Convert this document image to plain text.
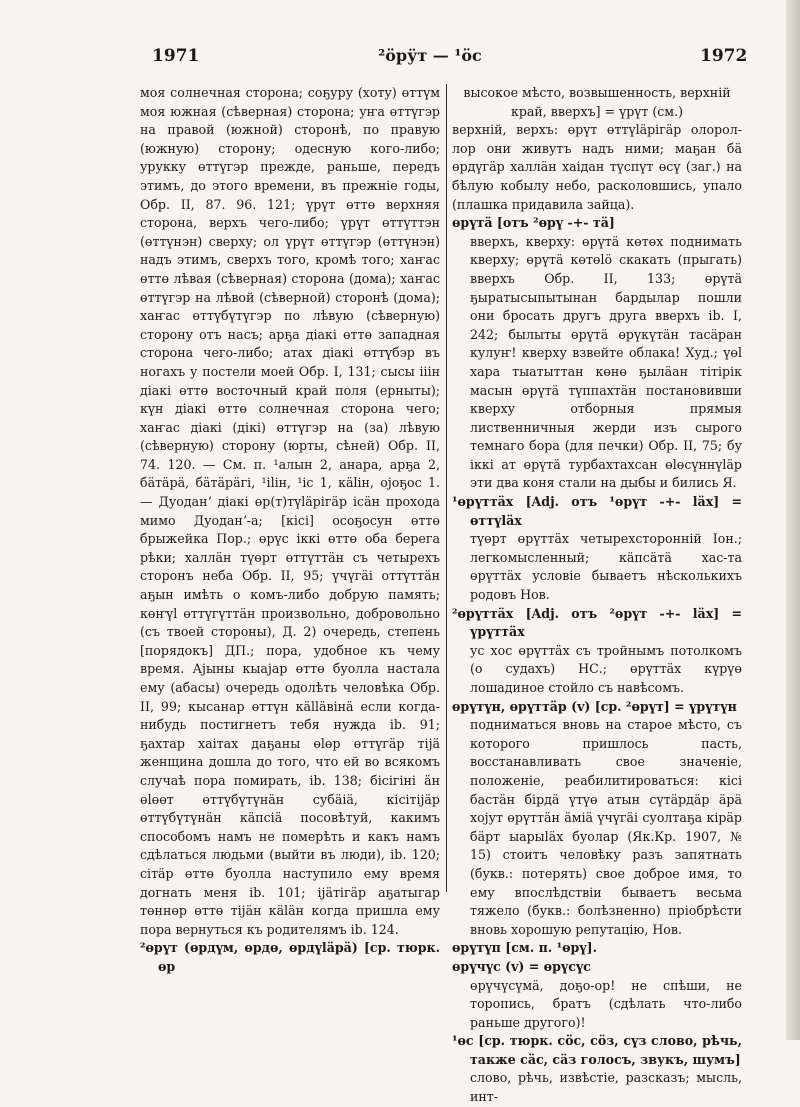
1971	²ӧрӱт — ¹ӧс	1972

моя солнечная сторона; соҕуру (хоту) өттүм моя южная (сѣверная) сторона; уҥа өттүгэр на правой (южной) сторонѣ, по правую (южную) сторону; одесную кого-либо; урукку өттүгэр прежде, раньше, передъ этимъ, до этого времени, въ прежніе годы, Обр. II, 87. 96. 121; үрүт өттө верхняя сторона, верхъ чего-либо; үрүт өттүттэн (өттүнэн) сверху; ол үрүт өттүгэр (өттүнэн) надъ этимъ, сверхъ того, кромѣ того; хаҥас өттө лѣвая (сѣверная) сторона (дома); хаҥас өттүгэр на лѣвой (сѣверной) сторонѣ (дома); хаҥас өттүбүтүгэр по лѣвую (сѣверную) сторону отъ насъ; арҕа діакі өттө западная сторона чего-либо; атах діакі өттүбэр въ ногахъ у постели моей Обр. I, 131; сысы ііін діакі өттө восточный край поля (ерныты); күн діакі өттө солнечная сторона чего; хаҥас діакі (дікі) өттүгэр на (за) лѣвую (сѣверную) сторону (юрты, сѣней) Обр. II, 74. 120. — См. п. ¹алын 2, анара, арҕа 2, бӓтӓрӓ, бӓтӓрӓгі, ¹іlін, ¹іс 1, кӓlін, оjоҕос 1. — Дуоданʼ діакі өр(т)түlӓрігӓр іcӓн прохода мимо Дуоданʼ-а; [кісі] осоҕосун өттө брыжейка Пор.; өрүс іккі өттө оба берега рѣки; халлӓн түөрт өттүттӓн съ четырехъ сторонъ неба Обр. II, 95; үчүгӓі оттүттӓн аҕын имѣть о комъ-либо добрую память; көҥүl өттүгүттӓн произвольно, добровольно (съ твоей стороны), Д. 2) очередь, степень [порядокъ] ДП.; пора, удобное къ чему время. Аjыны кыаjар өттө буолла настала ему (абасы) очередь одолѣть человѣка Обр. II, 99; кысанар өттүн кӓllӓвінӓ если когда-нибудь постигнетъ тебя нужда ib. 91; ҕахтар хаітах даҕаны өlөр өттүгӓр тіjӓ женщина дошла до того, что ей во всякомъ случаѣ пора помирать, ib. 138; бісігіні ӓн өlөөт өттүбүтүнӓн субӓіӓ, кісітіjӓр өттүбүтүнӓн кӓпсіӓ посовѣтуй, какимъ способомъ намъ не померѣть и какъ намъ сдѣлаться людьми (выйти въ люди), ib. 120; сітӓр өттө буолла наступило ему время догнать меня ib. 101; іjӓтігӓр аҕатыгар төннөр өттө тіjӓн кӓlӓн когда пришла ему пора вернуться къ родителямъ ib. 124.

²өрүт (өрдүм, өрдө, өрдүlӓрӓ) [ср. тюрк. өр

высокое мѣсто, возвышенность, верхній край, вверхъ] = үрүт (см.)

верхній, верхъ: өрүт өттүlӓрігӓр олорол-лор они живутъ надъ ними; маҕан бӓ өрдүгӓр халлӓн хаідан түспүт өсү (заг.) на бѣлую кобылу небо, расколовшись, упало (плашка придавила зайца).

өрүтӓ [отъ ²өрү -+- тӓ]

вверхъ, кверху: өрүтӓ көтөх поднимать кверху; өрүтӓ көтөlӧ скакать (прыгать) вверхъ Обр. II, 133; өрүтӓ ҕыратысыпытынан бардылар пошли они бросать другъ друга вверхъ ib. I, 242; былыты өрүтӓ өрүкүтӓн тасӓран кулуҥ! кверху взвейте облака! Худ.; үөl хара тыатыттан көнө ҕылӓан тітірік масын өрүтӓ түппахтӓн постановивши кверху отборныя прямыя лиственничныя жерди изъ сырого темнаго бора (для печки) Обр. II, 75; бу іккі ат өрүтӓ турбахтахсан өlөсүннүlӓр эти два коня стали на дыбы и бились Я.

¹өрүттӓх [Adj. отъ ¹өрүт -+- lӓх] = өттүlӓх

түөрт өрүттӓх четырехсторонній Іон.; легкомысленный; кӓпсӓтӓ хас-та өрүттӓх условіе бываетъ нѣсколькихъ родовъ Нов.

²өрүттӓх [Adj. отъ ²өрүт -+- lӓх] = үрүттӓх

ус хос өрүттӓх съ тройнымъ потолкомъ (о судахъ) НС.; өрүттӓх күрүө лошадиное стойло съ навѣсомъ.

өрүтүн, өрүттӓр (v) [ср. ²өрүт] = үрүтүн

подниматься вновь на старое мѣсто, съ которого пришлось пасть, восстанавливать свое значеніе, положеніе, реабилитироваться: кісі бастӓн бірдӓ үтүө атын сүтӓрдӓр ӓрӓ хојут өрүттӓн ӓміӓ үчүгӓі суолтаҕа кірӓр бӓрт ыарыlӓх буолар (Як.Кр. 1907, № 15) стоитъ человѣку разъ запятнать (букв.: потерять) свое доброе имя, то ему впослѣдствіи бываетъ весьма тяжело (букв.: болѣзненно) пріобрѣсти вновь хорошую репутацію, Нов.

өрүтүп [см. п. ¹өрү].

өрүчүс (v) = өрүсүс

өрүчүсүмӓ, доҕо-ор! не спѣши, не торопись, братъ (сдѣлать что-либо раньше другого)!

¹өс [ср. тюрк. сӧс, сӧз, сүз слово, рѣчь, также сӓс, сӓз голосъ, звукъ, шумъ]

слово, рѣчь, извѣстіе, разсказъ; мысль, инт-
